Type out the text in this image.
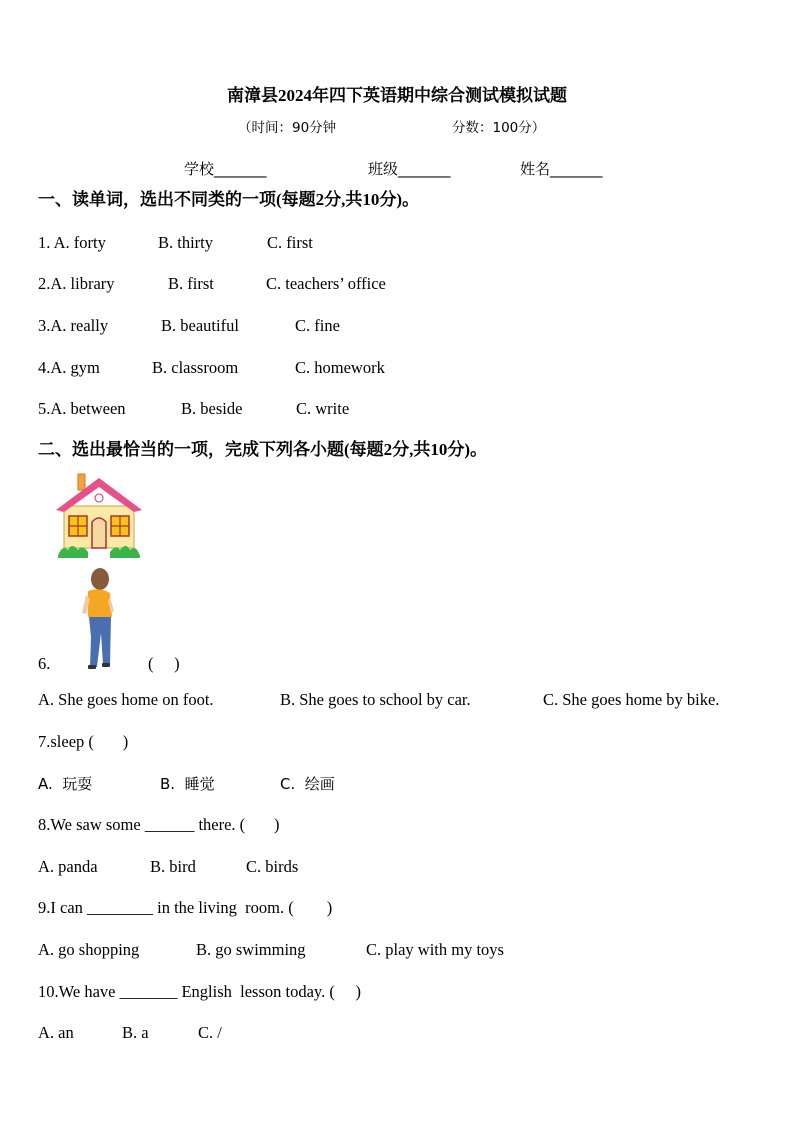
南漳县2024年四下英语期中综合测试模拟试题
（时间：90分钟	分数：100分）
学校_______	班级_______	姓名_______
一、读单词，选出不同类的一项(每题2分,共10分)。
1. A. forty	B. thirty	C. first
2.A. library	B. first	C. teachers’ office
3.A. really	B. beautiful	C. fine
4.A. gym	B. classroom	C. homework
5.A. between	B. beside	C. write
二、选出最恰当的一项，完成下列各小题(每题2分,共10分)。
6.	(     )
A. She goes home on foot.	B. She goes to school by car.	C. She goes home by bike.
7.sleep (       )
A.  玩耍	B.  睡觉	C.  绘画
8.We saw some ______ there. (       )
A. panda	B. bird	C. birds
9.I can ________ in the living  room. (        )
A. go shopping	B. go swimming	C. play with my toys
10.We have _______ English  lesson today. (     )
A. an	B. a	C. /
